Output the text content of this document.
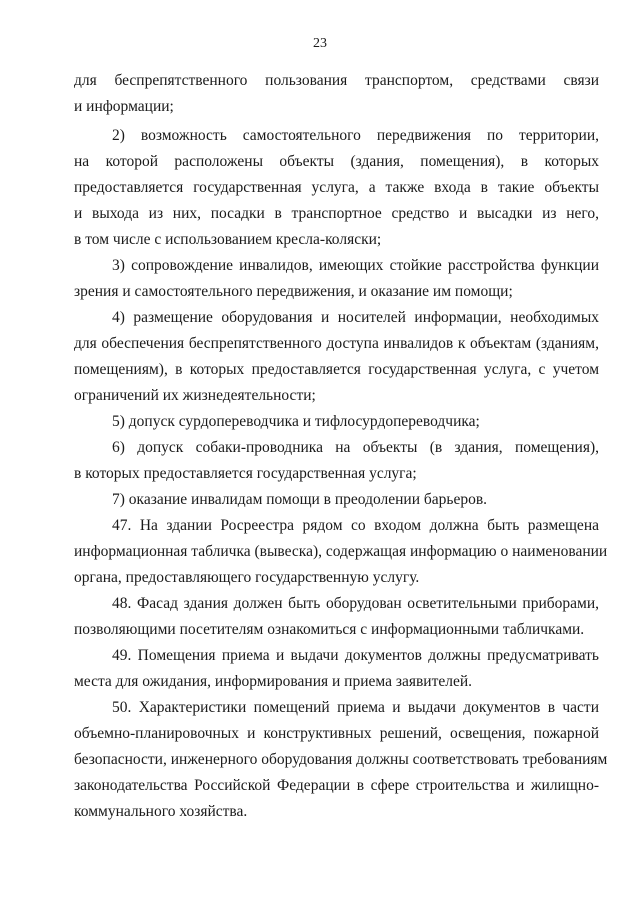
23
для беспрепятственного пользования транспортом, средствами связи
и информации;
2) возможность самостоятельного передвижения по территории,
на которой расположены объекты (здания, помещения), в которых
предоставляется государственная услуга, а также входа в такие объекты
и выхода из них, посадки в транспортное средство и высадки из него,
в том числе с использованием кресла-коляски;
3) сопровождение инвалидов, имеющих стойкие расстройства функции
зрения и самостоятельного передвижения, и оказание им помощи;
4) размещение оборудования и носителей информации, необходимых
для обеспечения беспрепятственного доступа инвалидов к объектам (зданиям,
помещениям), в которых предоставляется государственная услуга, с учетом
ограничений их жизнедеятельности;
5) допуск сурдопереводчика и тифлосурдопереводчика;
6) допуск собаки-проводника на объекты (в здания, помещения),
в которых предоставляется государственная услуга;
7) оказание инвалидам помощи в преодолении барьеров.
47. На здании Росреестра рядом со входом должна быть размещена
информационная табличка (вывеска), содержащая информацию о наименовании
органа, предоставляющего государственную услугу.
48. Фасад здания должен быть оборудован осветительными приборами,
позволяющими посетителям ознакомиться с информационными табличками.
49. Помещения приема и выдачи документов должны предусматривать
места для ожидания, информирования и приема заявителей.
50. Характеристики помещений приема и выдачи документов в части
объемно-планировочных и конструктивных решений, освещения, пожарной
безопасности, инженерного оборудования должны соответствовать требованиям
законодательства Российской Федерации в сфере строительства и жилищно-
коммунального хозяйства.
